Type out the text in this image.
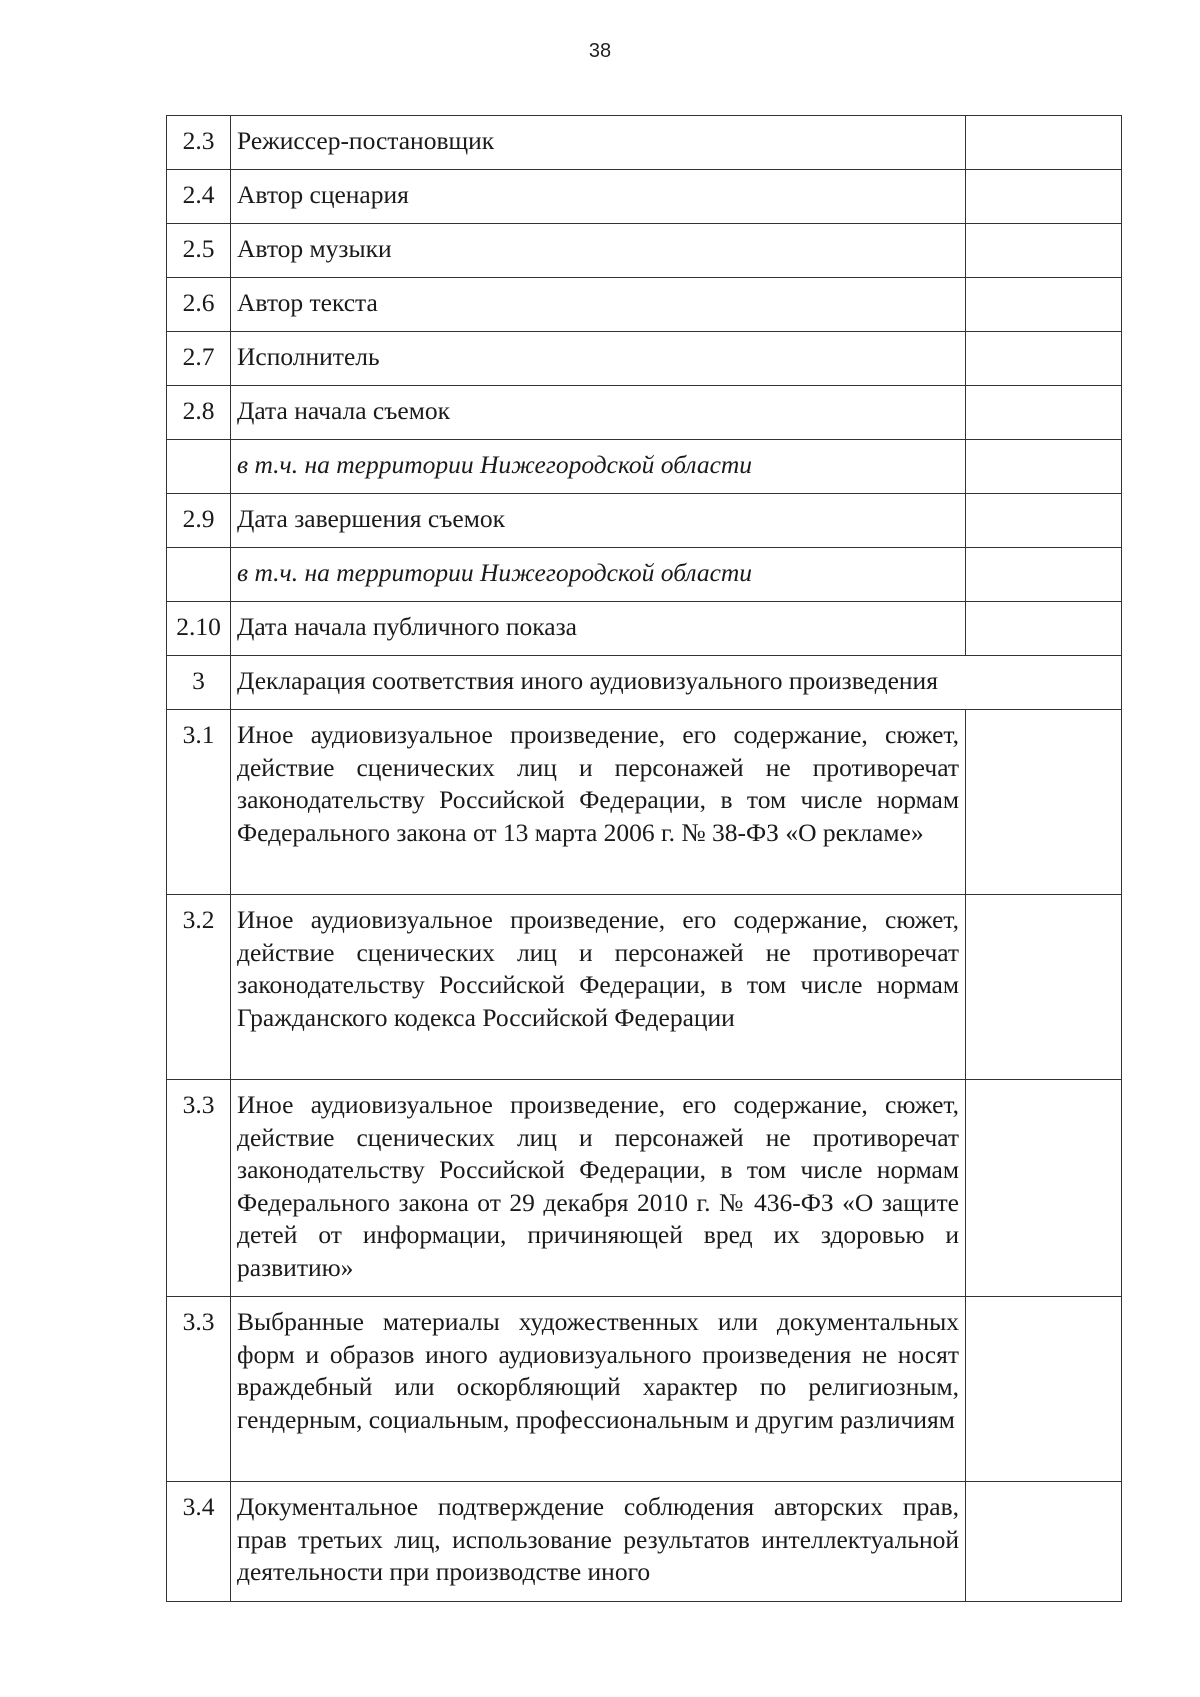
38
2.3	Режиссер-постановщик	
2.4	Автор сценария	
2.5	Автор музыки	
2.6	Автор текста	
2.7	Исполнитель	
2.8	Дата начала съемок	
	в т.ч. на территории Нижегородской области	
2.9	Дата завершения съемок	
	в т.ч. на территории Нижегородской области	
2.10	Дата начала публичного показа	
3	Декларация соответствия иного аудиовизуального произведения	
3.1	Иное аудиовизуальное произведение, его содержание, сюжет, действие сценических лиц и персонажей не противоречат законодательству Российской Федерации, в том числе нормам Федерального закона от 13 марта 2006 г. № 38-ФЗ «О рекламе»	
3.2	Иное аудиовизуальное произведение, его содержание, сюжет, действие сценических лиц и персонажей не противоречат законодательству Российской Федерации, в том числе нормам Гражданского кодекса Российской Федерации	
3.3	Иное аудиовизуальное произведение, его содержание, сюжет, действие сценических лиц и персонажей не противоречат законодательству Российской Федерации, в том числе нормам Федерального закона от 29 декабря 2010 г. № 436-ФЗ «О защите детей от информации, причиняющей вред их здоровью и развитию»	
3.3	Выбранные материалы художественных или документальных форм и образов иного аудиовизуального произведения не носят враждебный или оскорбляющий характер по религиозным, гендерным, социальным, профессиональным и другим различиям	
3.4	Документальное подтверждение соблюдения авторских прав, прав третьих лиц, использование результатов интеллектуальной деятельности при производстве иного	
